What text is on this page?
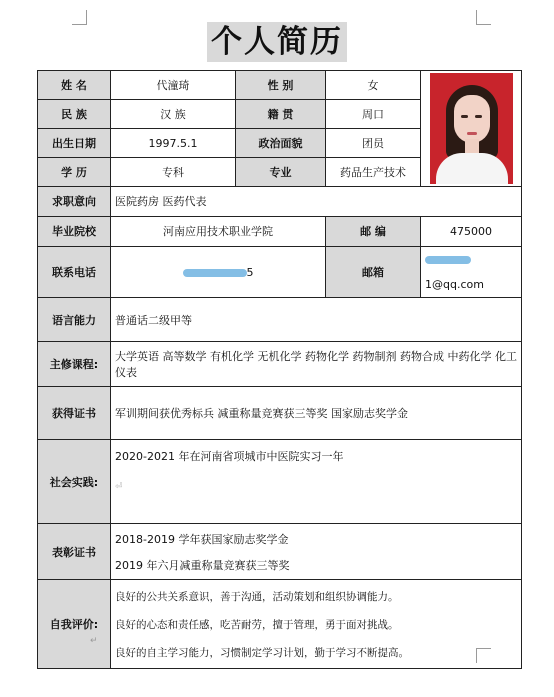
个人简历
姓 名	代潼琦	性 别	女	

民 族	汉 族	籍 贯	周口	
出生日期	1997.5.1	政治面貌	团员	
学 历	专科	专业	药品生产技术	
求职意向	医院药房 医药代表			
毕业院校	河南应用技术职业学院		邮 编	475000
联系电话	5		邮箱	1@qq.com
语言能力	普通话二级甲等			
主修课程:	大学英语 高等数学 有机化学 无机化学 药物化学 药物制剂 药物合成 中药化学 化工仪表			
获得证书	军训期间获优秀标兵 减重称量竞赛获三等奖 国家励志奖学金			
社会实践:	2020-2021 年在河南省项城市中医院实习一年
⏎			

表彰证书	2018-2019 学年获国家励志奖学金
2019 年六月减重称量竞赛获三等奖			

自我评价:	良好的公共关系意识，善于沟通，活动策划和组织协调能力。
良好的心态和责任感，吃苦耐劳，擅于管理，勇于面对挑战。
良好的自主学习能力，习惯制定学习计划，勤于学习不断提高。			
↵
